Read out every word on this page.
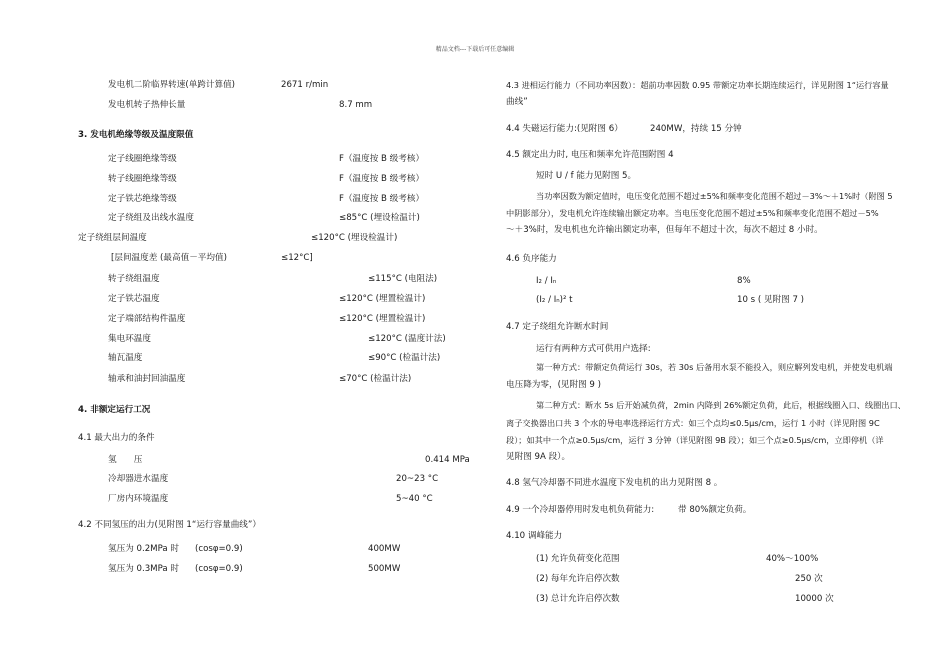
精品文档---下载后可任意编辑
发电机二阶临界转速(单跨计算值)	2671 r/min
发电机转子热伸长量	8.7 mm
3. 发电机绝缘等级及温度限值
定子线圈绝缘等级	F（温度按 B 级考核）
转子线圈绝缘等级	F（温度按 B 级考核）
定子铁芯绝缘等级	F（温度按 B 级考核）
定子绕组及出线水温度	≤85°C (埋设检温计)
定子绕组层间温度	≤120°C (埋设检温计)
[层间温度差 (最高值－平均值)	≤12°C]
转子绕组温度	≤115°C (电阻法)
定子铁芯温度	≤120°C (埋置检温计)
定子端部结构件温度	≤120°C (埋置检温计)
集电环温度	≤120°C (温度计法)
轴瓦温度	≤90°C (检温计法)
轴承和油封回油温度	≤70°C (检温计法)
4. 非额定运行工况
4.1 最大出力的条件
氢　　压	0.414 MPa
冷却器进水温度	20~23 °C
厂房内环境温度	5~40 °C
4.2 不同氢压的出力(见附图 1“运行容量曲线”）
氢压为 0.2MPa 时 (cosφ=0.9)	400MW
氢压为 0.3MPa 时 (cosφ=0.9)	500MW
4.3 进相运行能力（不同功率因数）：超前功率因数 0.95 带额定功率长期连续运行，详见附图 1“运行容量
曲线”
4.4 失磁运行能力:(见附图 6）	240MW，持续 15 分钟
4.5 额定出力时, 电压和频率允许范围附图 4
短时 U / f 能力见附图 5。
当功率因数为额定值时，电压变化范围不超过±5%和频率变化范围不超过－3%～＋1%时（附图 5
中阴影部分），发电机允许连续输出额定功率。当电压变化范围不超过±5%和频率变化范围不超过－5%
～＋3%时，发电机也允许输出额定功率，但每年不超过十次，每次不超过 8 小时。
4.6 负序能力
I₂ / Iₙ	8%
(I₂ / Iₙ)² t	10 s ( 见附图 7 )
4.7 定子绕组允许断水时间
运行有两种方式可供用户选择:
第一种方式：带额定负荷运行 30s，若 30s 后备用水泵不能投入，则应解列发电机，并使发电机端
电压降为零，(见附图 9 )
第二种方式：断水 5s 后开始减负荷，2min 内降到 26%额定负荷，此后，根据线圈入口、线圈出口、
离子交换器出口共 3 个水的导电率选择运行方式：如三个点均≤0.5μs/cm，运行 1 小时（详见附图 9C
段）；如其中一个点≥0.5μs/cm，运行 3 分钟（详见附图 9B 段）；如三个点≥0.5μs/cm，立即停机（详
见附图 9A 段）。
4.8 氢气冷却器不同进水温度下发电机的出力见附图 8 。
4.9 一个冷却器停用时发电机负荷能力:	带 80%额定负荷。
4.10 调峰能力
(1) 允许负荷变化范围	40%～100%
(2) 每年允许启停次数	250 次
(3) 总计允许启停次数	10000 次
